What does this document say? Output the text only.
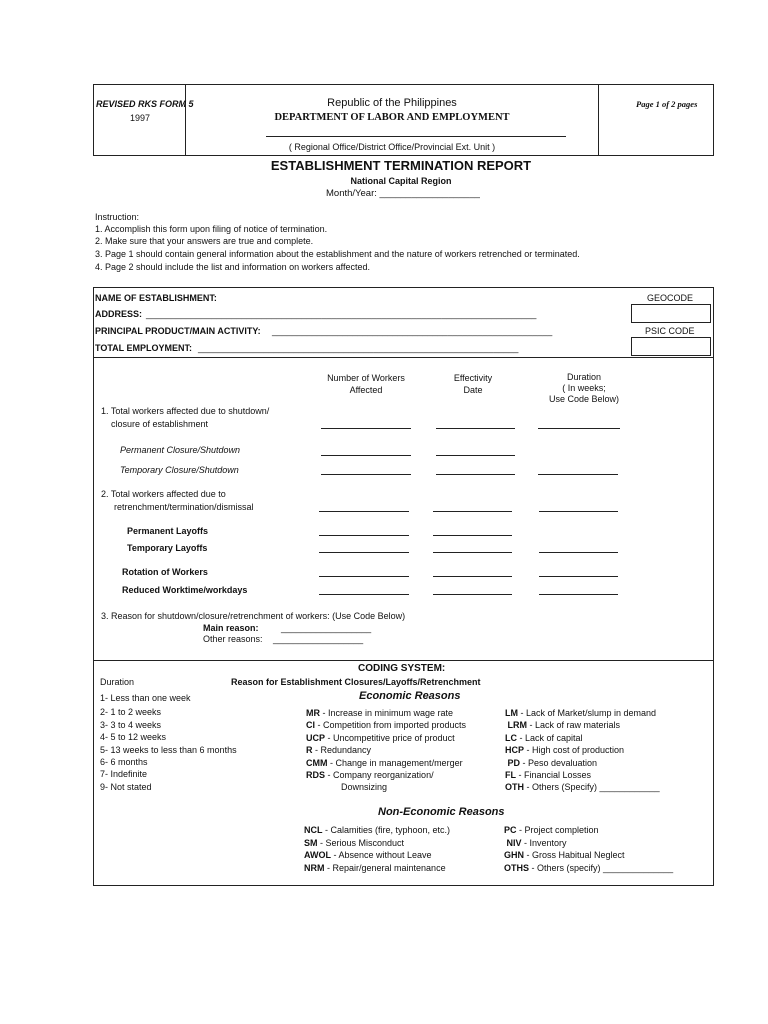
REVISED RKS FORM 5
1997
Republic of the Philippines
DEPARTMENT OF LABOR AND EMPLOYMENT
( Regional Office/District Office/Provincial Ext. Unit )
Page 1 of 2 pages
ESTABLISHMENT TERMINATION REPORT
National Capital Region
Month/Year: ___________________
Instruction:
1. Accomplish this form upon filing of notice of termination.
2. Make sure that your answers are true and complete.
3. Page 1 should contain general information about the establishment and the nature of workers retrenched or terminated.
4. Page 2 should include the list and information on workers affected.
NAME OF ESTABLISHMENT:
ADDRESS: ______________________________________________________________________________
PRINCIPAL PRODUCT/MAIN ACTIVITY: ________________________________________________________
TOTAL EMPLOYMENT: ________________________________________________________________
GEOCODE
PSIC CODE
Number of Workers
Affected
Effectivity
Date
Duration
( In weeks;
Use Code Below)
1. Total workers affected due to shutdown/
closure of establishment
Permanent Closure/Shutdown
Temporary Closure/Shutdown
2. Total workers affected due to
retrenchment/termination/dismissal
Permanent Layoffs
Temporary Layoffs
Rotation of Workers
Reduced Worktime/workdays
3. Reason for shutdown/closure/retrenchment of workers: (Use Code Below)
Main reason: __________________
Other reasons: __________________
CODING SYSTEM:
Duration	Reason for Establishment Closures/Layoffs/Retrenchment
Economic Reasons
1- Less than one week
2- 1 to 2 weeks
3- 3 to 4 weeks
4- 5 to 12 weeks
5- 13 weeks to less than 6 months
6- 6 months
7- Indefinite
9- Not stated
MR - Increase in minimum wage rate
CI - Competition from imported products
UCP - Uncompetitive price of product
R - Redundancy
CMM - Change in management/merger
RDS - Company reorganization/
Downsizing
LM - Lack of Market/slump in demand
LRM - Lack of raw materials
LC - Lack of capital
HCP - High cost of production
PD - Peso devaluation
FL - Financial Losses
OTH - Others (Specify) ____________
Non-Economic Reasons
NCL - Calamities (fire, typhoon, etc.)
SM - Serious Misconduct
AWOL - Absence without Leave
NRM - Repair/general maintenance
PC - Project completion
NIV - Inventory
GHN - Gross Habitual Neglect
OTHS - Others (specify) ______________
